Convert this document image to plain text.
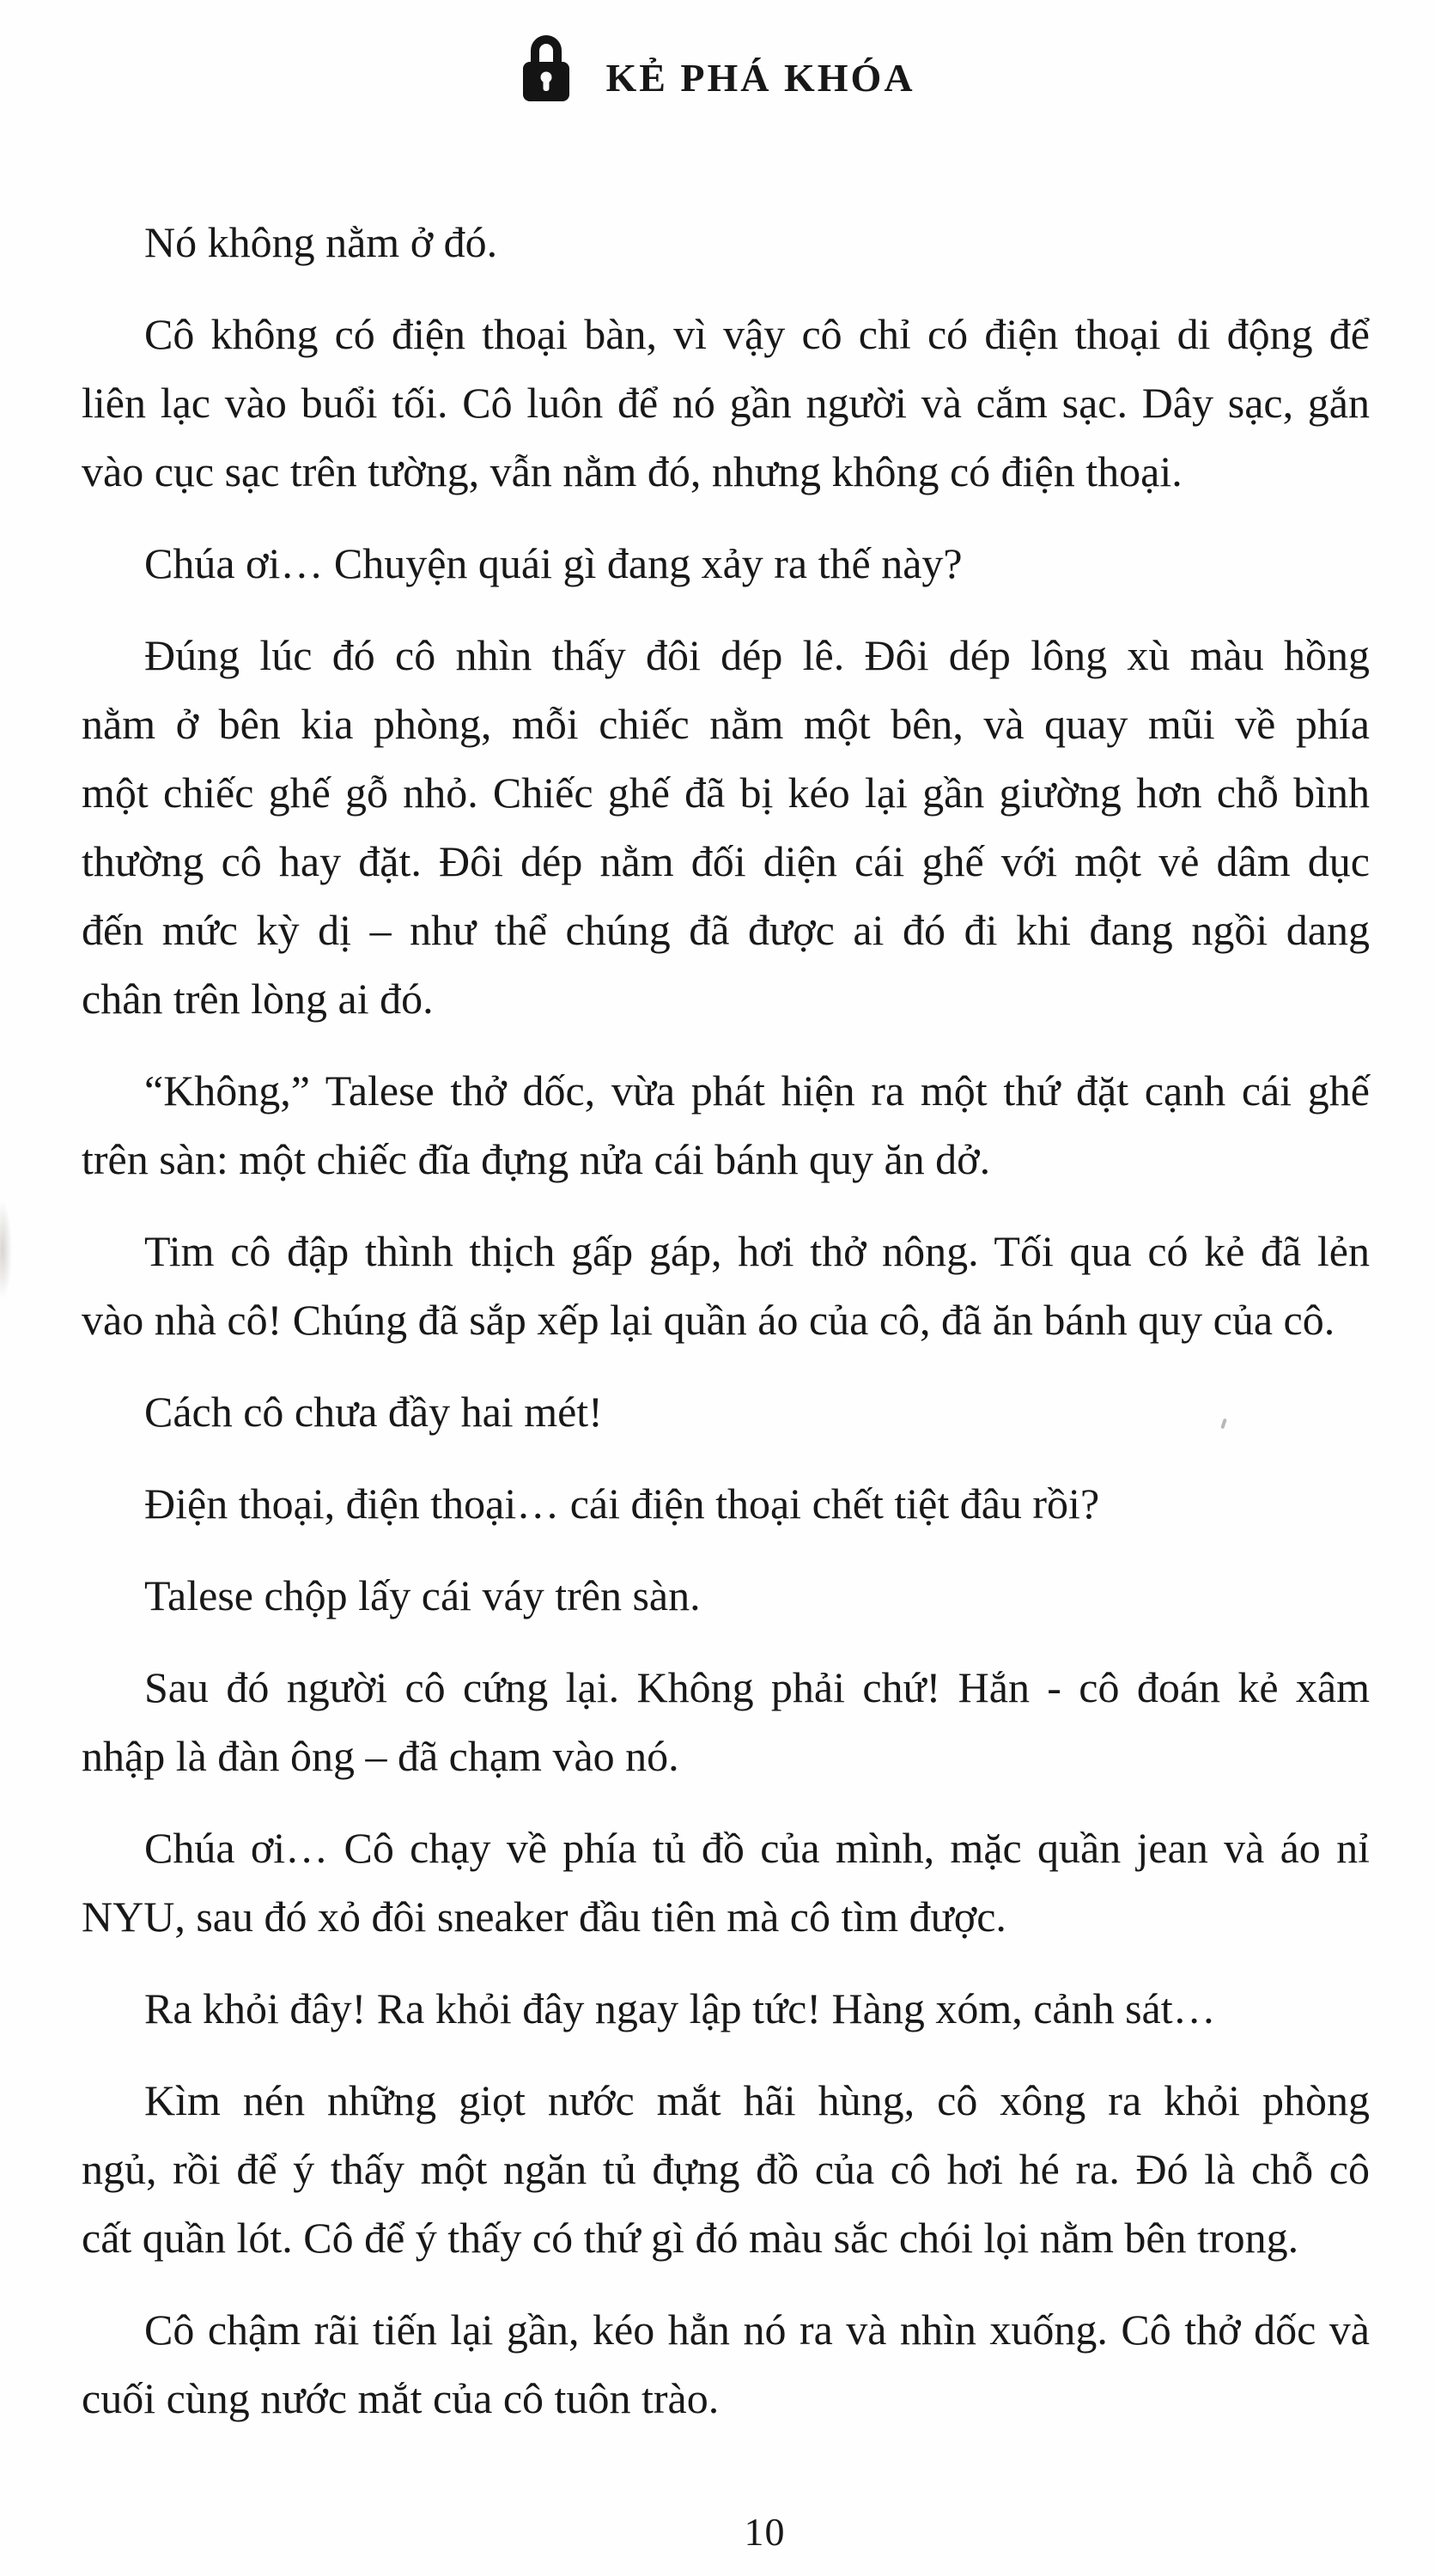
KẺ PHÁ KHÓA

Nó không nằm ở đó.

Cô không có điện thoại bàn, vì vậy cô chỉ có điện thoại di động để
liên lạc vào buổi tối. Cô luôn để nó gần người và cắm sạc. Dây sạc, gắn
vào cục sạc trên tường, vẫn nằm đó, nhưng không có điện thoại.

Chúa ơi… Chuyện quái gì đang xảy ra thế này?

Đúng lúc đó cô nhìn thấy đôi dép lê. Đôi dép lông xù màu hồng
nằm ở bên kia phòng, mỗi chiếc nằm một bên, và quay mũi về phía
một chiếc ghế gỗ nhỏ. Chiếc ghế đã bị kéo lại gần giường hơn chỗ bình
thường cô hay đặt. Đôi dép nằm đối diện cái ghế với một vẻ dâm dục
đến mức kỳ dị – như thể chúng đã được ai đó đi khi đang ngồi dang
chân trên lòng ai đó.

“Không,” Talese thở dốc, vừa phát hiện ra một thứ đặt cạnh cái ghế
trên sàn: một chiếc đĩa đựng nửa cái bánh quy ăn dở.

Tim cô đập thình thịch gấp gáp, hơi thở nông. Tối qua có kẻ đã lẻn
vào nhà cô! Chúng đã sắp xếp lại quần áo của cô, đã ăn bánh quy của cô.

Cách cô chưa đầy hai mét!

Điện thoại, điện thoại… cái điện thoại chết tiệt đâu rồi?

Talese chộp lấy cái váy trên sàn.

Sau đó người cô cứng lại. Không phải chứ! Hắn - cô đoán kẻ xâm
nhập là đàn ông – đã chạm vào nó.

Chúa ơi… Cô chạy về phía tủ đồ của mình, mặc quần jean và áo nỉ
NYU, sau đó xỏ đôi sneaker đầu tiên mà cô tìm được.

Ra khỏi đây! Ra khỏi đây ngay lập tức! Hàng xóm, cảnh sát…

Kìm nén những giọt nước mắt hãi hùng, cô xông ra khỏi phòng
ngủ, rồi để ý thấy một ngăn tủ đựng đồ của cô hơi hé ra. Đó là chỗ cô
cất quần lót. Cô để ý thấy có thứ gì đó màu sắc chói lọi nằm bên trong.

Cô chậm rãi tiến lại gần, kéo hẳn nó ra và nhìn xuống. Cô thở dốc và
cuối cùng nước mắt của cô tuôn trào.

10
